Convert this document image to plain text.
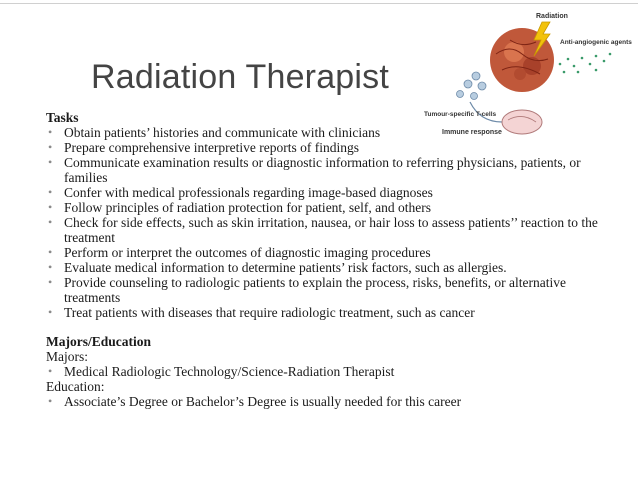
Radiation
Anti-angiogenic agents
Tumour-specific T-cells
Immune response
Radiation Therapist
Tasks
• Obtain patients’ histories and communicate with clinicians
• Prepare comprehensive interpretive reports of findings
• Communicate examination results or diagnostic information to referring physicians, patients, or families
• Confer with medical professionals regarding image-based diagnoses
• Follow principles of radiation protection for patient, self, and others
• Check for side effects, such as skin irritation, nausea, or hair loss to assess patients’’ reaction to the treatment
• Perform or interpret the outcomes of diagnostic imaging procedures
• Evaluate medical information to determine patients’ risk factors, such as allergies.
• Provide counseling to radiologic patients to explain the process, risks, benefits, or alternative treatments
• Treat patients with diseases that require radiologic treatment, such as cancer
Majors/Education
Majors:
• Medical Radiologic Technology/Science-Radiation Therapist
Education:
• Associate’s Degree or Bachelor’s Degree is usually needed for this career
